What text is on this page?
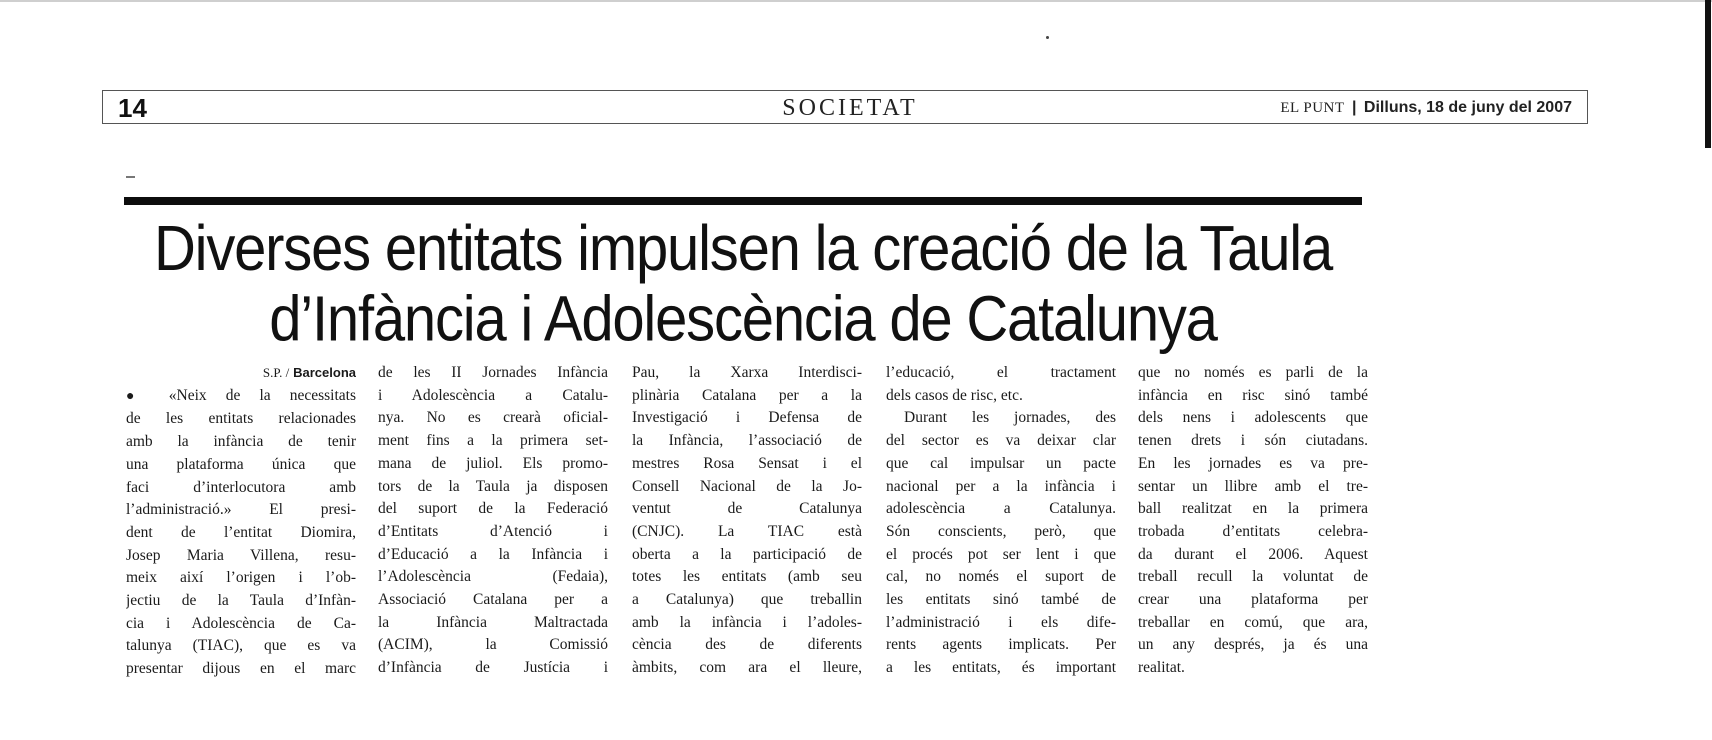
14	SOCIETAT	EL PUNT | Dilluns, 18 de juny del 2007
Diverses entitats impulsen la creació de la Taula
d’Infància i Adolescència de Catalunya
S.P. / Barcelona
● «Neix de la necessitats
de les entitats relacionades
amb la infància de tenir
una plataforma única que
faci d’interlocutora amb
l’administració.» El presi-
dent de l’entitat Diomira,
Josep Maria Villena, resu-
meix així l’origen i l’ob-
jectiu de la Taula d’Infàn-
cia i Adolescència de Ca-
talunya (TIAC), que es va
presentar dijous en el marc
de les II Jornades Infància
i Adolescència a Catalu-
nya. No es crearà oficial-
ment fins a la primera set-
mana de juliol. Els promo-
tors de la Taula ja disposen
del suport de la Federació
d’Entitats d’Atenció i
d’Educació a la Infància i
l’Adolescència (Fedaia),
Associació Catalana per a
la Infància Maltractada
(ACIM), la Comissió
d’Infància de Justícia i
Pau, la Xarxa Interdisci-
plinària Catalana per a la
Investigació i Defensa de
la Infància, l’associació de
mestres Rosa Sensat i el
Consell Nacional de la Jo-
ventut de Catalunya
(CNJC). La TIAC està
oberta a la participació de
totes les entitats (amb seu
a Catalunya) que treballin
amb la infància i l’adoles-
cència des de diferents
àmbits, com ara el lleure,
l’educació, el tractament
dels casos de risc, etc.
Durant les jornades, des
del sector es va deixar clar
que cal impulsar un pacte
nacional per a la infància i
adolescència a Catalunya.
Són conscients, però, que
el procés pot ser lent i que
cal, no només el suport de
les entitats sinó també de
l’administració i els dife-
rents agents implicats. Per
a les entitats, és important
que no només es parli de la
infància en risc sinó també
dels nens i adolescents que
tenen drets i són ciutadans.
En les jornades es va pre-
sentar un llibre amb el tre-
ball realitzat en la primera
trobada d’entitats celebra-
da durant el 2006. Aquest
treball recull la voluntat de
crear una plataforma per
treballar en comú, que ara,
un any després, ja és una
realitat.
